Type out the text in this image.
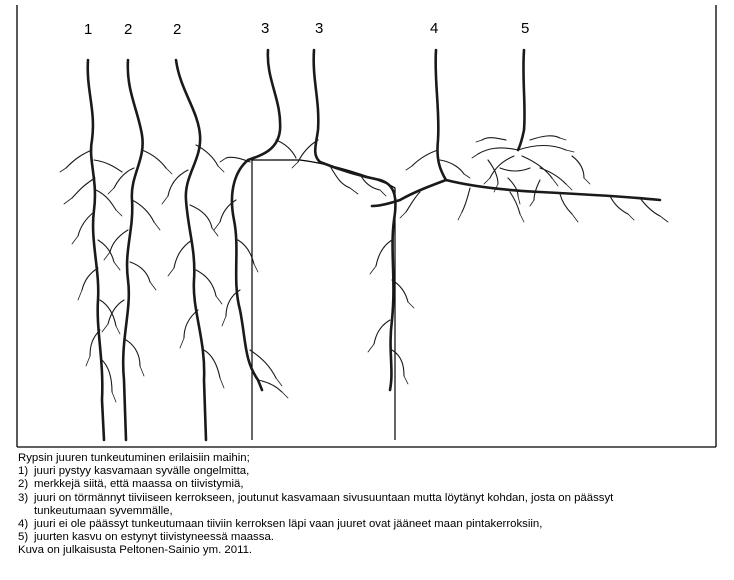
1 2	2	3	3	4	5
Rypsin juuren tunkeutuminen erilaisiin maihin;
1) juuri pystyy kasvamaan syvälle ongelmitta,
2) merkkejä siitä, että maassa on tiivistymiä,
3) juuri on törmännyt tiiviiseen kerrokseen, joutunut kasvamaan sivusuuntaan mutta löytänyt kohdan, josta on päässyt
tunkeutumaan syvemmälle,
4) juuri ei ole päässyt tunkeutumaan tiiviin kerroksen läpi vaan juuret ovat jääneet maan pintakerroksiin,
5) juurten kasvu on estynyt tiivistyneessä maassa.
Kuva on julkaisusta Peltonen-Sainio ym. 2011.
